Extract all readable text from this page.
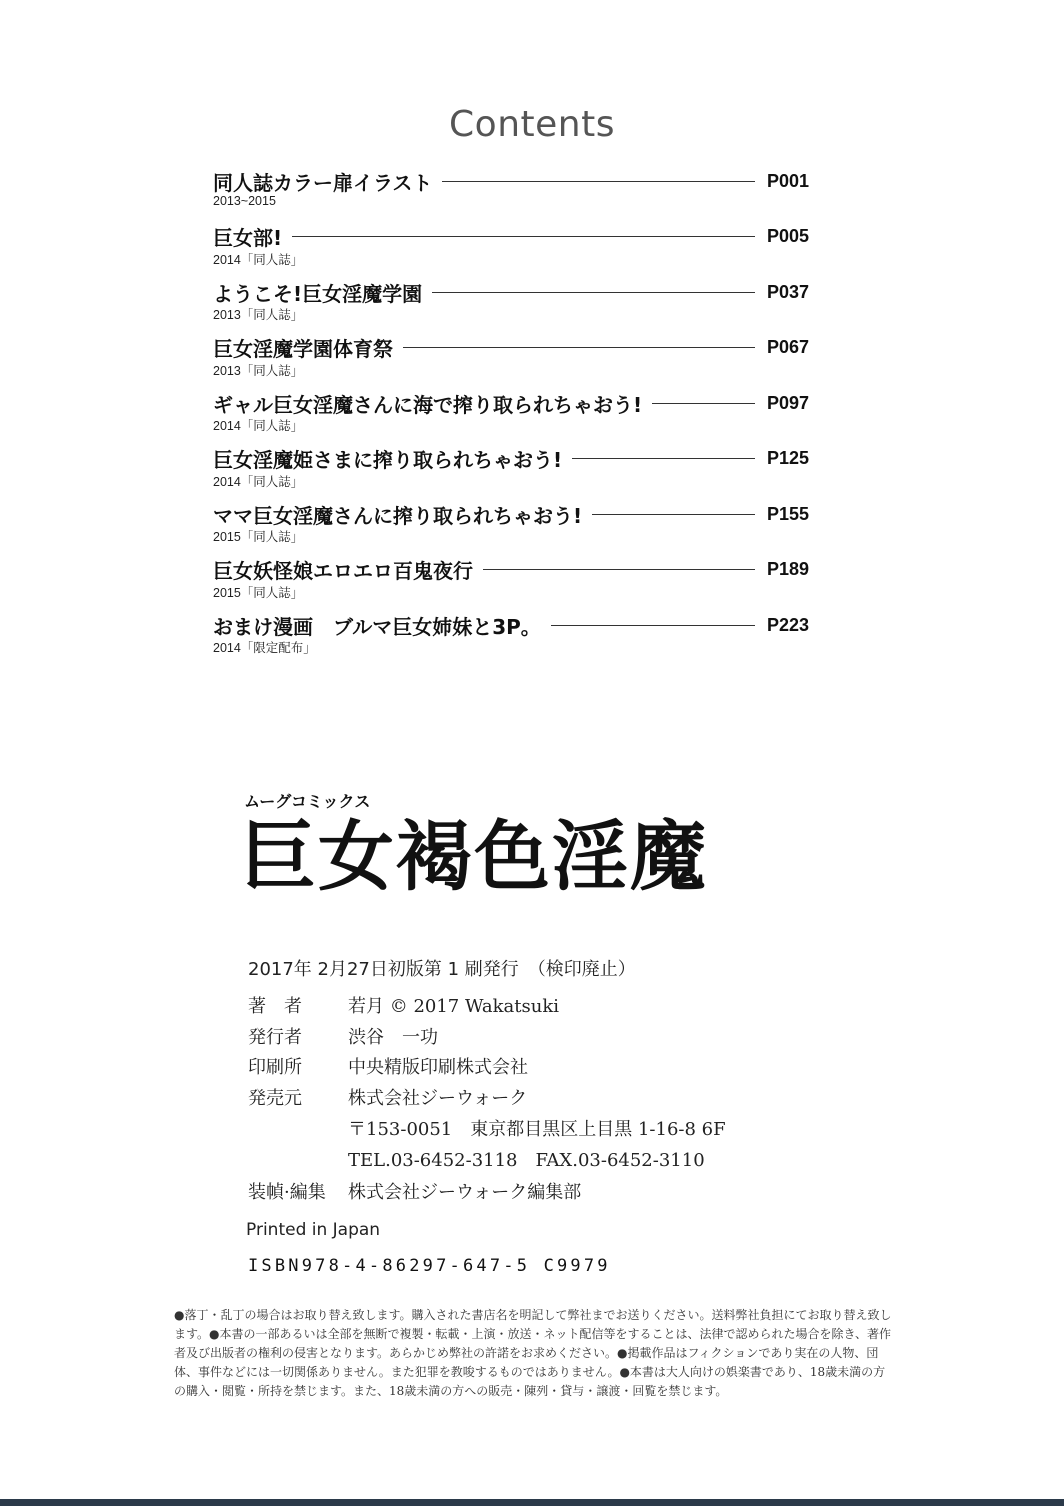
Contents
同人誌カラー扉イラスト	P001
2013~2015
巨女部!	P005
2014「同人誌」
ようこそ!巨女淫魔学園	P037
2013「同人誌」
巨女淫魔学園体育祭	P067
2013「同人誌」
ギャル巨女淫魔さんに海で搾り取られちゃおう!	P097
2014「同人誌」
巨女淫魔姫さまに搾り取られちゃおう!	P125
2014「同人誌」
ママ巨女淫魔さんに搾り取られちゃおう!	P155
2015「同人誌」
巨女妖怪娘エロエロ百鬼夜行	P189
2015「同人誌」
おまけ漫画　ブルマ巨女姉妹と3P。	P223
2014「限定配布」
ムーグコミックス
巨女褐色淫魔
2017年 2月27日初版第 1 刷発行　（検印廃止）
著　者	若月 © 2017 Wakatsuki
発行者	渋谷　一功
印刷所	中央精版印刷株式会社
発売元	株式会社ジーウォーク
〒153-0051　東京都目黒区上目黒 1-16-8 6F
TEL.03-6452-3118　FAX.03-6452-3110
装幀·編集	株式会社ジーウォーク編集部
Printed in Japan
ISBN978-4-86297-647-5 C9979
●落丁・乱丁の場合はお取り替え致します。購入された書店名を明記して弊社までお送りください。送料弊社負担にてお取り替え致します。●本書の一部あるいは全部を無断で複製・転載・上演・放送・ネット配信等をすることは、法律で認められた場合を除き、著作者及び出版者の権利の侵害となります。あらかじめ弊社の許諾をお求めください。●掲載作品はフィクションであり実在の人物、団体、事件などには一切関係ありません。また犯罪を教唆するものではありません。●本書は大人向けの娯楽書であり、18歳未満の方の購入・閲覧・所持を禁じます。また、18歳未満の方への販売・陳列・貸与・譲渡・回覧を禁じます。
